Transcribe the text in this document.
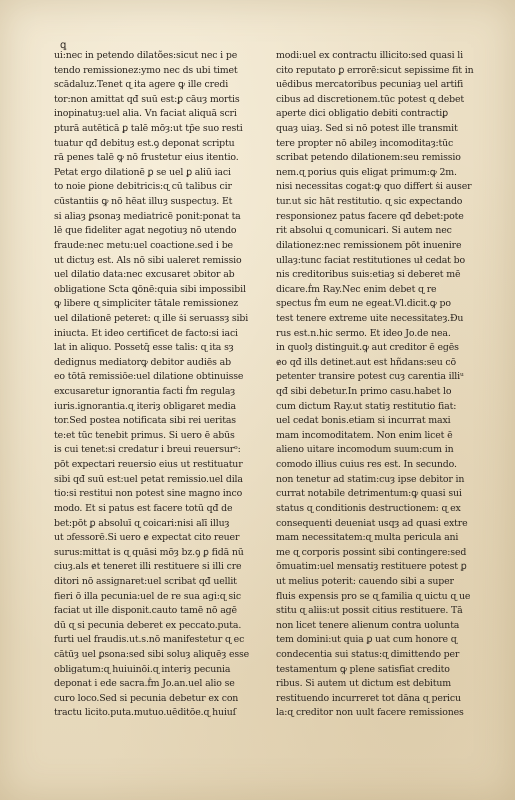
ꝗ
ui:nec in petendo dilatões:sicut nec i pe
tendo remissionez:ymo nec ds ubi timet
scādaluz.Tenet ɋ ita agere ꝙ ille credi
tor:non amittat qđ suū est:ꝑ cāuȝ mortis
inopinatuȝ:uel alia. Vn faciat aliquā scri
pturā autēticā ꝑ talē mōȝ:ut tp̄e suo resti
tuatur qđ debituȝ est.ꝯ deponat scriptu
rā penes talē ꝙ nō frustetur eius itentio.
Petat ergo dilationē ꝑ se uel ꝑ aliū iaci
to noie ꝑione debitricis:ɋ cū talibus cir
cūstantiis ꝙ nō hēat illuȝ suspectuȝ. Et
si aliaȝ ꝑsonaȝ mediatricē ponit:ponat ta
lē que fideliter agat negotiuȝ nō utendo
fraude:nec metu:uel coactione.sed i be
ut dictuȝ est. Als nō sibi ualeret remissio
uel dilatio data:nec excusaret ɔbitor ab
obligatione Scta ꝗōnē:quia sibi impossibil
ꝙ libere ɋ simpliciter tātale remissionez
uel dilationē peteret: ɋ ille ṡi seruassȝ sibi
iniucta. Et ideo certificet de facto:si iaci
lat in aliquo. Possetq̄ esse talis: ɋ ita sȝ
dedignus mediatorꝙ debitor audiēs ab
eo tōtā remissiōe:uel dilatione obtinuisse
excusaretur ignorantia facti ḟm regulaȝ
iuris.ignorantia.ɋ iteriȝ obligaret media
tor.Sed postea notificata sibi rei ueritas
te:et tūc tenebit primus. Si uero ē abūs
is cui tenet:si credatur i breui reuersurᵒ:
pōt expectari reuersio eius ut restituatur
sibi qđ suū est:uel petat remissio.uel dila
tio:si restitui non potest sine magno inco
modo. Et si patus est facere totū qđ de
bet:pōt ꝑ absoluī ɋ coicari:nisi alī illuȝ
ut ɔfessorē.Si uero ɇ expectat cito reuer
surus:mittat is ɋ quāsi mōȝ bz.ꝯ ꝑ fidā nū
ciuȝ.als ɇt teneret illi restituere si illi cre
ditori nō assignaret:uel scribat qđ uellit
fieri ō illa pecunia:uel de re sua agi:ɋ sic
faciat ut ille disponit.cauto tamē nō agē
dū ɋ si pecunia deberet ex peccato.puta.
furti uel fraudis.ut.s.nō manifestetur ɋ ec
cātūȝ uel ꝑsona:sed sibi soluȝ aliquēȝ esse
obligatum:ɋ huiuinōi.ɋ interiȝ pecunia
deponat i ede sacra.ḟm Jo.an.uel alio se
curo loco.Sed si pecunia debetur ex con
tractu licito.puta.mutuo.uēditōe.ɋ huiuſ
modi:uel ex contractu illicito:sed quasi li
cito reputato ꝑ errorē:sicut sepissime fit in
uēdibus mercatoribus pecuniaȝ uel artifi
cibus ad discretionem.tūc potest ɋ debet
aperte dici obligatio debiti contractiꝑ
quaȝ uiaȝ. Sed si nō potest ille transmit
tere propter nō abileȝ incomoditaȝ:tūc
scribat petendo dilationem:seu remissio
nem.ɋ porius quis eligat primum:ꝙ 2m.
nisi necessitas cogat:ꝙ quo differt ṡi auser
tur.ut sic hāt restitutio. ɋ sic expectando
responsionez patus facere qđ debet:pote
rit absolui ɋ comunicari. Si autem nec
dilationez:nec remissionem pōt inuenire
ullaȝ:tunc faciat restitutiones uł cedat bo
nis creditoribus suis:etiaȝ si deberet mē
dicare.ḟm Ray.Nec enim debet ɋ re
spectus ḟm eum ne egeat.Vl.dicit.ꝙ po
test tenere extreme uite necessitateȝ.Ðu
rus est.n.hic sermo. Et ideo Jo.de nea.
in quolȝ distinguit.ꝙ aut creditor ē egēs
ɇo qđ ills detinet.aut est hñdans:seu cō
petenter transire potest cuȝ carentia illiᵘ
qđ sibi debetur.In primo casu.habet lo
cum dictum Ray.ut statiȝ restitutio fiat:
uel cedat bonis.etiam si incurrat maxi
mam incomoditatem. Non enim licet ē
alieno uitare incomodum suum:cum in
comodo illius cuius res est. In secundo.
non tenetur ad statim:cuȝ ipse debitor in
currat notabile detrimentum:ꝙ quasi sui
status ɋ conditionis destructionem: ɋ ex
consequenti deueniat usqȝ ad quasi extre
mam necessitatem:ɋ multa pericula ani
me ɋ corporis possint sibi contingere:sed
ōmuatim:uel mensatiȝ restituere potest ꝑ
ut melius poterit: cauendo sibi a super
fluis expensis pro se ɋ familia ɋ uictu ɋ ue
stitu ɋ aliis:ut possit citius restituere. Tā
non licet tenere alienum contra uolunta
tem domini:ut quia ꝑ uat cum honore ɋ
condecentia sui status:ɋ dimittendo per
testamentum ꝙ plene satisfiat credito
ribus. Si autem ut dictum est debitum
restituendo incurreret tot dāna ɋ pericu
la:ɋ creditor non uult facere remissiones
